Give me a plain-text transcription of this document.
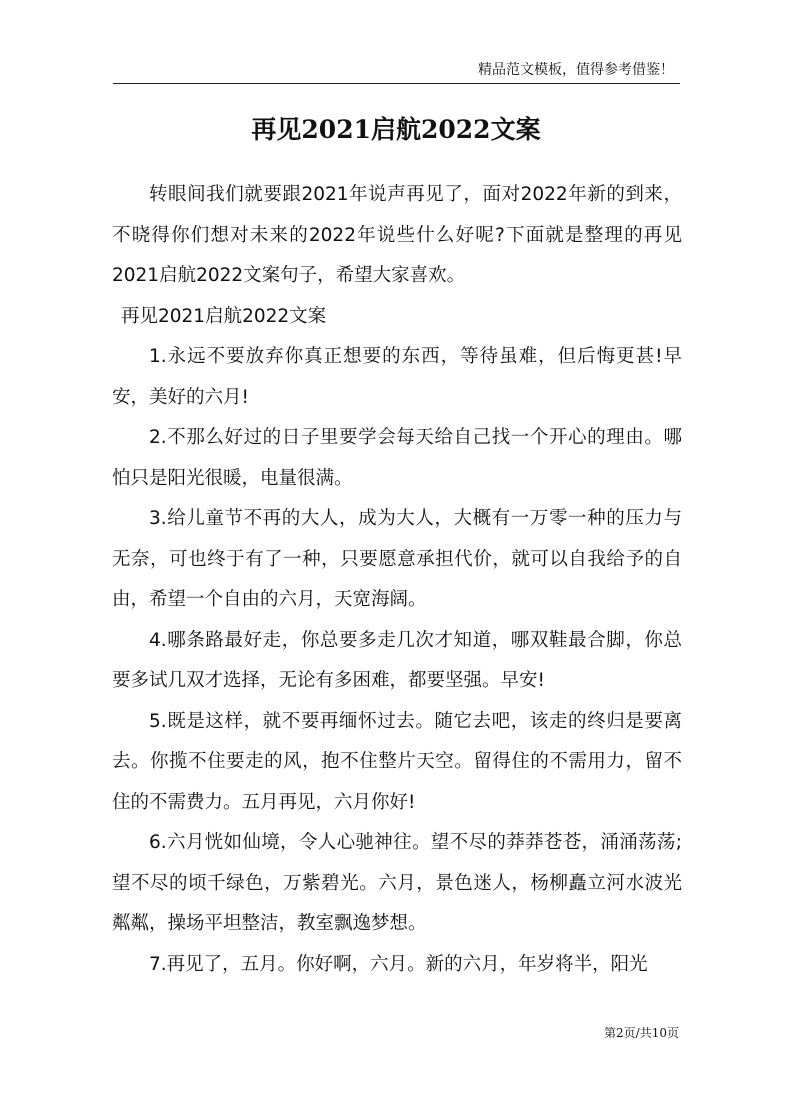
精品范文模板，值得参考借鉴！
再见2021启航2022文案

转眼间我们就要跟2021年说声再见了，面对2022年新的到来，不晓得你们想对未来的2022年说些什么好呢?下面就是整理的再见2021启航2022文案句子，希望大家喜欢。

再见2021启航2022文案

1.永远不要放弃你真正想要的东西，等待虽难，但后悔更甚!早安，美好的六月!

2.不那么好过的日子里要学会每天给自己找一个开心的理由。哪怕只是阳光很暖，电量很满。

3.给儿童节不再的大人，成为大人，大概有一万零一种的压力与无奈，可也终于有了一种，只要愿意承担代价，就可以自我给予的自由，希望一个自由的六月，天宽海阔。

4.哪条路最好走，你总要多走几次才知道，哪双鞋最合脚，你总要多试几双才选择，无论有多困难，都要坚强。早安!

5.既是这样，就不要再缅怀过去。随它去吧，该走的终归是要离去。你揽不住要走的风，抱不住整片天空。留得住的不需用力，留不住的不需费力。五月再见，六月你好!

6.六月恍如仙境，令人心驰神往。望不尽的莽莽苍苍，涌涌荡荡;望不尽的顷千绿色，万紫碧光。六月，景色迷人，杨柳矗立河水波光粼粼，操场平坦整洁，教室飘逸梦想。

7.再见了，五月。你好啊，六月。新的六月，年岁将半，阳光

第2页/共10页
